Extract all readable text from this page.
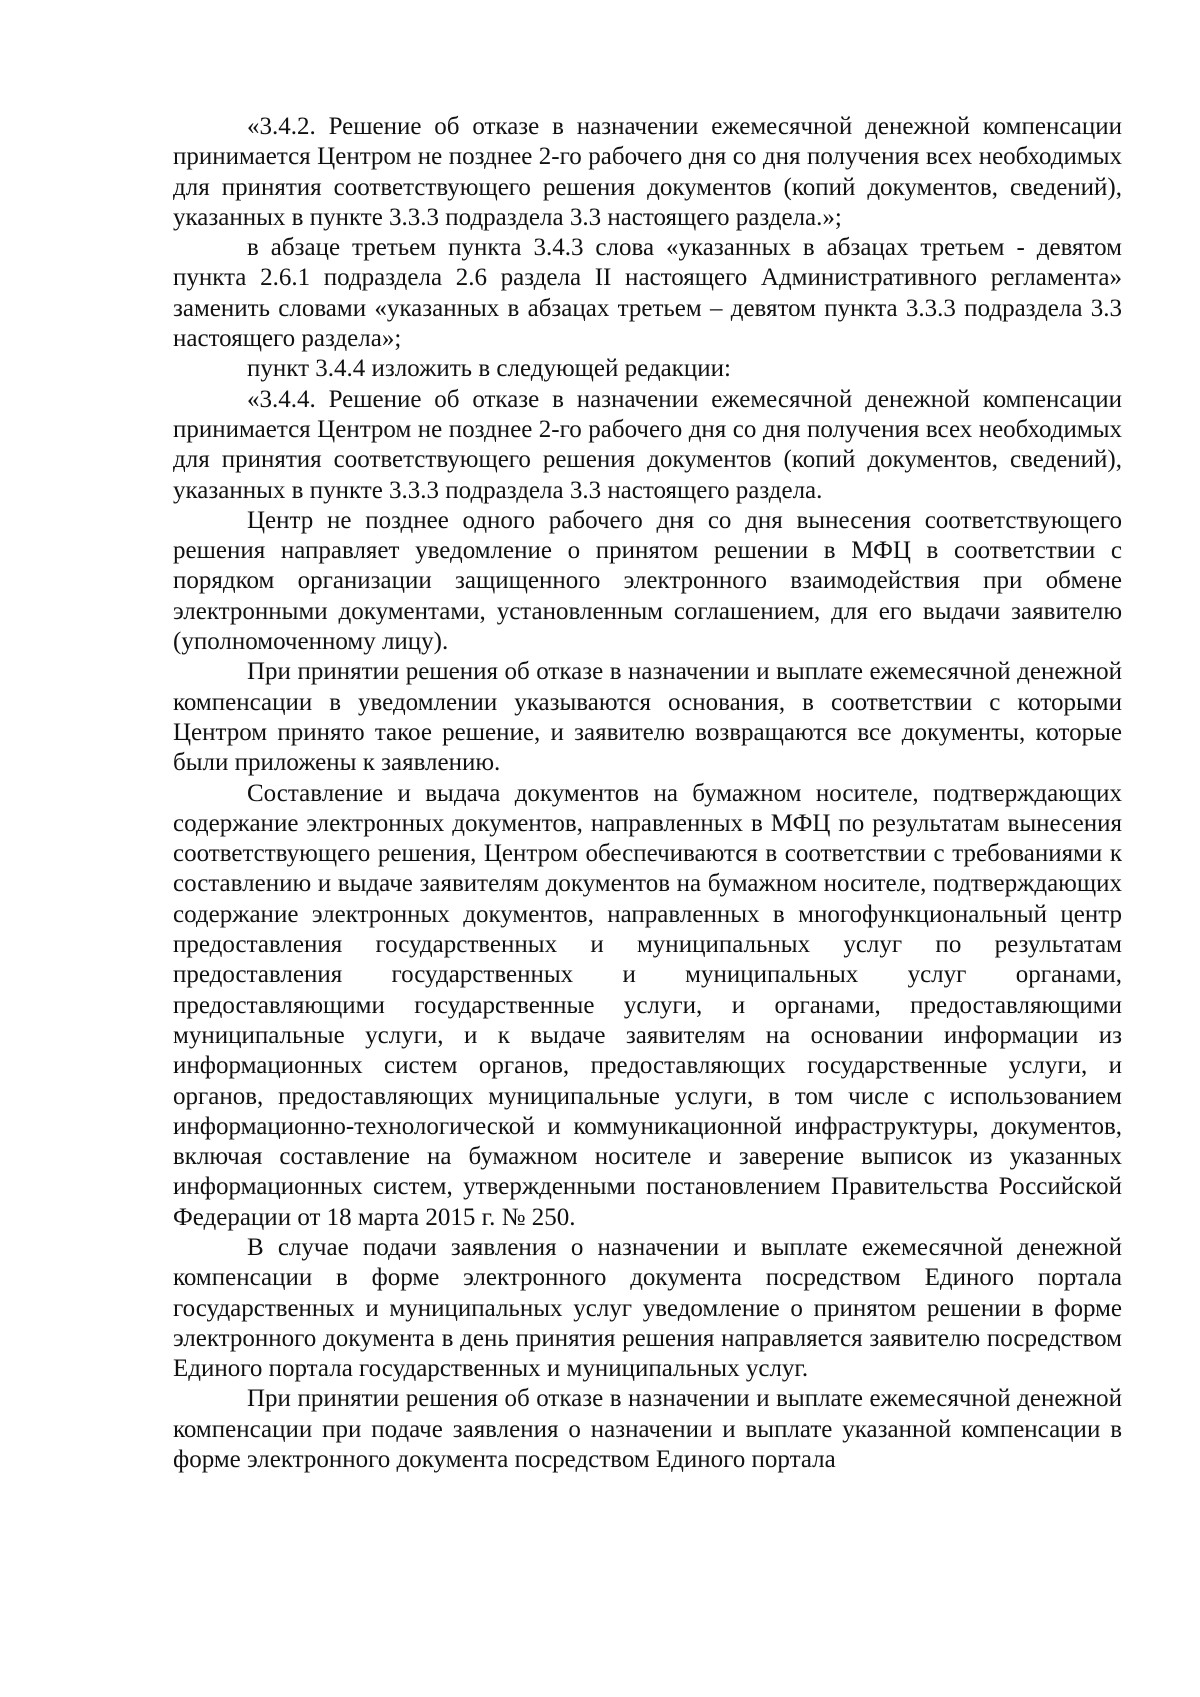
«3.4.2. Решение об отказе в назначении ежемесячной денежной компенсации принимается Центром не позднее 2-го рабочего дня со дня получения всех необходимых для принятия соответствующего решения документов (копий документов, сведений), указанных в пункте 3.3.3 подраздела 3.3 настоящего раздела.»;

в абзаце третьем пункта 3.4.3 слова «указанных в абзацах третьем - девятом пункта 2.6.1 подраздела 2.6 раздела II настоящего Административного регламента» заменить словами «указанных в абзацах третьем – девятом пункта 3.3.3 подраздела 3.3 настоящего раздела»;

пункт 3.4.4 изложить в следующей редакции:

«3.4.4. Решение об отказе в назначении ежемесячной денежной компенсации принимается Центром не позднее 2-го рабочего дня со дня получения всех необходимых для принятия соответствующего решения документов (копий документов, сведений), указанных в пункте 3.3.3 подраздела 3.3 настоящего раздела.

Центр не позднее одного рабочего дня со дня вынесения соответствующего решения направляет уведомление о принятом решении в МФЦ в соответствии с порядком организации защищенного электронного взаимодействия при обмене электронными документами, установленным соглашением, для его выдачи заявителю (уполномоченному лицу).

При принятии решения об отказе в назначении и выплате ежемесячной денежной компенсации в уведомлении указываются основания, в соответствии с которыми Центром принято такое решение, и заявителю возвращаются все документы, которые были приложены к заявлению.

Составление и выдача документов на бумажном носителе, подтверждающих содержание электронных документов, направленных в МФЦ по результатам вынесения соответствующего решения, Центром обеспечиваются в соответствии с требованиями к составлению и выдаче заявителям документов на бумажном носителе, подтверждающих содержание электронных документов, направленных в многофункциональный центр предоставления государственных и муниципальных услуг по результатам предоставления государственных и муниципальных услуг органами, предоставляющими государственные услуги, и органами, предоставляющими муниципальные услуги, и к выдаче заявителям на основании информации из информационных систем органов, предоставляющих государственные услуги, и органов, предоставляющих муниципальные услуги, в том числе с использованием информационно-технологической и коммуникационной инфраструктуры, документов, включая составление на бумажном носителе и заверение выписок из указанных информационных систем, утвержденными постановлением Правительства Российской Федерации от 18 марта 2015 г. № 250.

В случае подачи заявления о назначении и выплате ежемесячной денежной компенсации в форме электронного документа посредством Единого портала государственных и муниципальных услуг уведомление о принятом решении в форме электронного документа в день принятия решения направляется заявителю посредством Единого портала государственных и муниципальных услуг.

При принятии решения об отказе в назначении и выплате ежемесячной денежной компенсации при подаче заявления о назначении и выплате указанной компенсации в форме электронного документа посредством Единого портала
